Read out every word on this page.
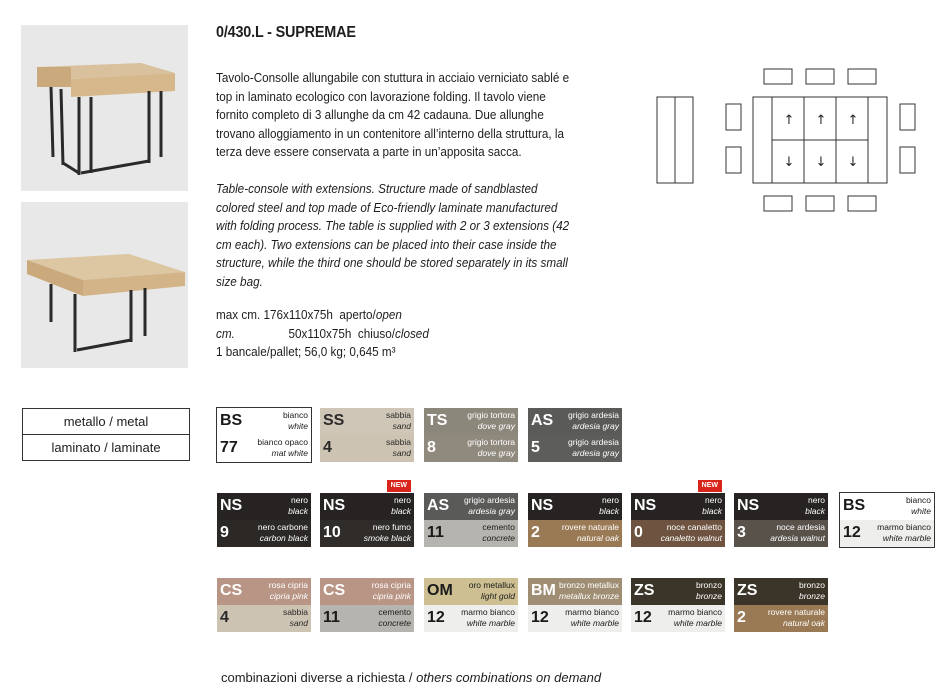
0/430.L - SUPREMAE
Tavolo-Consolle allungabile con stuttura in acciaio verniciato sablé e top in laminato ecologico con lavorazione folding. Il tavolo viene fornito completo di 3 allunghe da cm 42 cadauna. Due allunghe trovano alloggiamento in un contenitore all’interno della struttura, la terza deve essere conservata a parte in un’apposita sacca.
Table-console with extensions. Structure made of sandblasted colored steel and top made of Eco-friendly laminate manufactured with folding process. The table is supplied with 2 or 3 extensions (42 cm each). Two extensions can be placed into their case inside the structure, while the third one should be stored separately in its small size bag.
max cm. 176x110x75h aperto/open
cm.	50x110x75h chiuso/closed
1 bancale/pallet; 56,0 kg; 0,645 m³
↑ ↑ ↑
↓ ↓ ↓
metallo / metal
laminato / laminate
BS	bianco
white
77 bianco opaco
mat white
SS	sabbia
sand
4	sabbia
sand
TS grigio tortora
dove gray
8	grigio tortora
dove gray
AS grigio ardesia
ardesia gray
5	grigio ardesia
ardesia gray
NS	nero
black
9	nero carbone
carbon black
NS	nero
black
10	nero fumo
smoke black
NEW
AS grigio ardesia
ardesia gray
11	cemento
concrete
NS	nero
black
2	rovere naturale
natural oak
NS	nero
black
0	noce canaletto
canaletto walnut
NEW
NS	nero
black
3	noce ardesia
ardesia walnut
BS	bianco
white
12 marmo bianco
white marble
CS	rosa cipria
cipria pink
4	sabbia
sand
CS	rosa cipria
cipria pink
11	cemento
concrete
OM oro metallux
light gold
12 marmo bianco
white marble
BM bronzo metallux
metallux bronze
12 marmo bianco
white marble
ZS	bronzo
bronze
12 marmo bianco
white marble
ZS	bronzo
bronze
2	rovere naturale
natural oak
combinazioni diverse a richiesta / others combinations on demand
